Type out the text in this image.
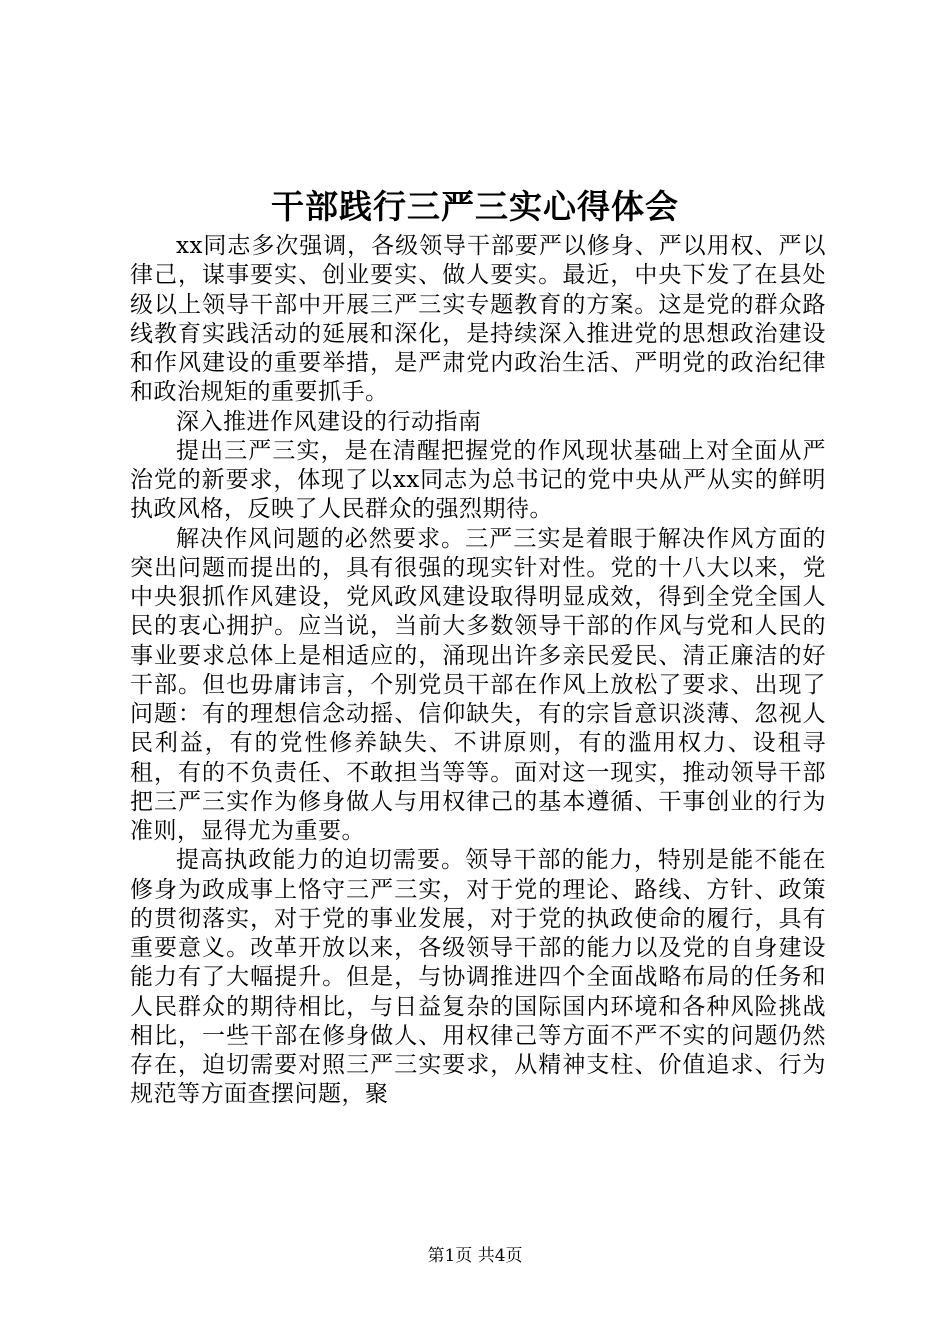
干部践行三严三实心得体会

xx同志多次强调，各级领导干部要严以修身、严以用权、严以律己，谋事要实、创业要实、做人要实。最近，中央下发了在县处级以上领导干部中开展三严三实专题教育的方案。这是党的群众路线教育实践活动的延展和深化，是持续深入推进党的思想政治建设和作风建设的重要举措，是严肃党内政治生活、严明党的政治纪律和政治规矩的重要抓手。

深入推进作风建设的行动指南

提出三严三实，是在清醒把握党的作风现状基础上对全面从严治党的新要求，体现了以xx同志为总书记的党中央从严从实的鲜明执政风格，反映了人民群众的强烈期待。

解决作风问题的必然要求。三严三实是着眼于解决作风方面的突出问题而提出的，具有很强的现实针对性。党的十八大以来，党中央狠抓作风建设，党风政风建设取得明显成效，得到全党全国人民的衷心拥护。应当说，当前大多数领导干部的作风与党和人民的事业要求总体上是相适应的，涌现出许多亲民爱民、清正廉洁的好干部。但也毋庸讳言，个别党员干部在作风上放松了要求、出现了问题：有的理想信念动摇、信仰缺失，有的宗旨意识淡薄、忽视人民利益，有的党性修养缺失、不讲原则，有的滥用权力、设租寻租，有的不负责任、不敢担当等等。面对这一现实，推动领导干部把三严三实作为修身做人与用权律己的基本遵循、干事创业的行为准则，显得尤为重要。

提高执政能力的迫切需要。领导干部的能力，特别是能不能在修身为政成事上恪守三严三实，对于党的理论、路线、方针、政策的贯彻落实，对于党的事业发展，对于党的执政使命的履行，具有重要意义。改革开放以来，各级领导干部的能力以及党的自身建设能力有了大幅提升。但是，与协调推进四个全面战略布局的任务和人民群众的期待相比，与日益复杂的国际国内环境和各种风险挑战相比，一些干部在修身做人、用权律己等方面不严不实的问题仍然存在，迫切需要对照三严三实要求，从精神支柱、价值追求、行为规范等方面查摆问题，聚

第1页 共4页
